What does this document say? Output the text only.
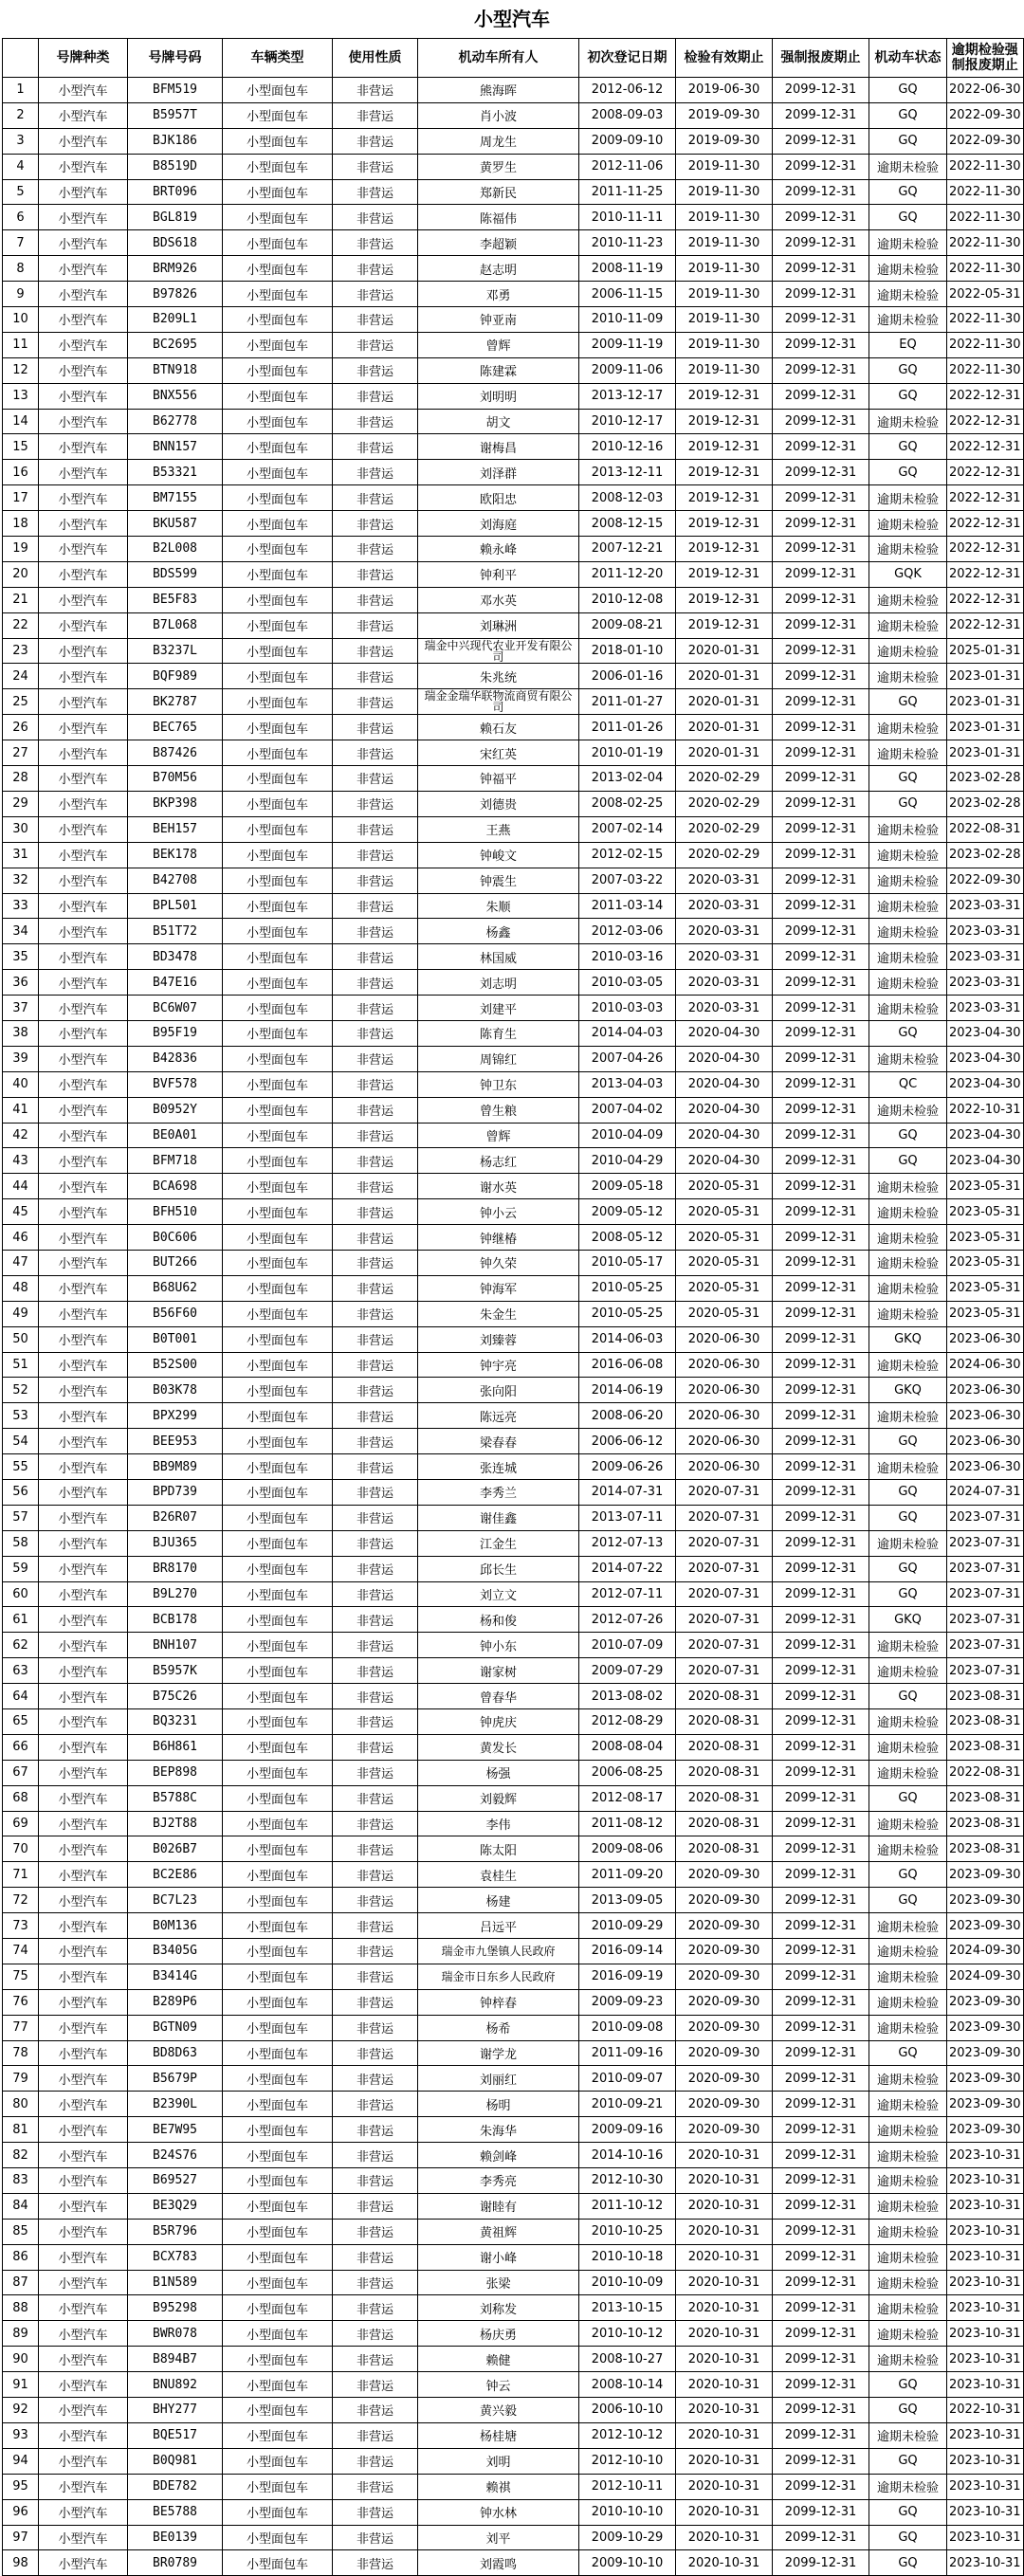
小型汽车
	号牌种类	号牌号码	车辆类型	使用性质	机动车所有人	初次登记日期	检验有效期止	强制报废期止	机动车状态	逾期检验强制报废期止
1	小型汽车	BFM519	小型面包车	非营运	熊海晖	2012-06-12	2019-06-30	2099-12-31	GQ	2022-06-30
2	小型汽车	B5957T	小型面包车	非营运	肖小波	2008-09-03	2019-09-30	2099-12-31	GQ	2022-09-30
3	小型汽车	BJK186	小型面包车	非营运	周龙生	2009-09-10	2019-09-30	2099-12-31	GQ	2022-09-30
4	小型汽车	B8519D	小型面包车	非营运	黄罗生	2012-11-06	2019-11-30	2099-12-31	逾期未检验	2022-11-30
5	小型汽车	BRT096	小型面包车	非营运	郑新民	2011-11-25	2019-11-30	2099-12-31	GQ	2022-11-30
6	小型汽车	BGL819	小型面包车	非营运	陈福伟	2010-11-11	2019-11-30	2099-12-31	GQ	2022-11-30
7	小型汽车	BDS618	小型面包车	非营运	李超颖	2010-11-23	2019-11-30	2099-12-31	逾期未检验	2022-11-30
8	小型汽车	BRM926	小型面包车	非营运	赵志明	2008-11-19	2019-11-30	2099-12-31	逾期未检验	2022-11-30
9	小型汽车	B97826	小型面包车	非营运	邓勇	2006-11-15	2019-11-30	2099-12-31	逾期未检验	2022-05-31
10	小型汽车	B209L1	小型面包车	非营运	钟亚南	2010-11-09	2019-11-30	2099-12-31	逾期未检验	2022-11-30
11	小型汽车	BC2695	小型面包车	非营运	曾辉	2009-11-19	2019-11-30	2099-12-31	EQ	2022-11-30
12	小型汽车	BTN918	小型面包车	非营运	陈建霖	2009-11-06	2019-11-30	2099-12-31	GQ	2022-11-30
13	小型汽车	BNX556	小型面包车	非营运	刘明明	2013-12-17	2019-12-31	2099-12-31	GQ	2022-12-31
14	小型汽车	B62778	小型面包车	非营运	胡文	2010-12-17	2019-12-31	2099-12-31	逾期未检验	2022-12-31
15	小型汽车	BNN157	小型面包车	非营运	谢梅昌	2010-12-16	2019-12-31	2099-12-31	GQ	2022-12-31
16	小型汽车	B53321	小型面包车	非营运	刘泽群	2013-12-11	2019-12-31	2099-12-31	GQ	2022-12-31
17	小型汽车	BM7155	小型面包车	非营运	欧阳忠	2008-12-03	2019-12-31	2099-12-31	逾期未检验	2022-12-31
18	小型汽车	BKU587	小型面包车	非营运	刘海庭	2008-12-15	2019-12-31	2099-12-31	逾期未检验	2022-12-31
19	小型汽车	B2L008	小型面包车	非营运	赖永峰	2007-12-21	2019-12-31	2099-12-31	逾期未检验	2022-12-31
20	小型汽车	BDS599	小型面包车	非营运	钟利平	2011-12-20	2019-12-31	2099-12-31	GQK	2022-12-31
21	小型汽车	BE5F83	小型面包车	非营运	邓水英	2010-12-08	2019-12-31	2099-12-31	逾期未检验	2022-12-31
22	小型汽车	B7L068	小型面包车	非营运	刘琳洲	2009-08-21	2019-12-31	2099-12-31	逾期未检验	2022-12-31
23	小型汽车	B3237L	小型面包车	非营运	瑞金中兴现代农业开发有限公司	2018-01-10	2020-01-31	2099-12-31	逾期未检验	2025-01-31
24	小型汽车	BQF989	小型面包车	非营运	朱兆统	2006-01-16	2020-01-31	2099-12-31	逾期未检验	2023-01-31
25	小型汽车	BK2787	小型面包车	非营运	瑞金金瑞华联物流商贸有限公司	2011-01-27	2020-01-31	2099-12-31	GQ	2023-01-31
26	小型汽车	BEC765	小型面包车	非营运	赖石友	2011-01-26	2020-01-31	2099-12-31	逾期未检验	2023-01-31
27	小型汽车	B87426	小型面包车	非营运	宋红英	2010-01-19	2020-01-31	2099-12-31	逾期未检验	2023-01-31
28	小型汽车	B70M56	小型面包车	非营运	钟福平	2013-02-04	2020-02-29	2099-12-31	GQ	2023-02-28
29	小型汽车	BKP398	小型面包车	非营运	刘德贵	2008-02-25	2020-02-29	2099-12-31	GQ	2023-02-28
30	小型汽车	BEH157	小型面包车	非营运	王燕	2007-02-14	2020-02-29	2099-12-31	逾期未检验	2022-08-31
31	小型汽车	BEK178	小型面包车	非营运	钟峻文	2012-02-15	2020-02-29	2099-12-31	逾期未检验	2023-02-28
32	小型汽车	B42708	小型面包车	非营运	钟震生	2007-03-22	2020-03-31	2099-12-31	逾期未检验	2022-09-30
33	小型汽车	BPL501	小型面包车	非营运	朱顺	2011-03-14	2020-03-31	2099-12-31	逾期未检验	2023-03-31
34	小型汽车	B51T72	小型面包车	非营运	杨鑫	2012-03-06	2020-03-31	2099-12-31	逾期未检验	2023-03-31
35	小型汽车	BD3478	小型面包车	非营运	林国威	2010-03-16	2020-03-31	2099-12-31	逾期未检验	2023-03-31
36	小型汽车	B47E16	小型面包车	非营运	刘志明	2010-03-05	2020-03-31	2099-12-31	逾期未检验	2023-03-31
37	小型汽车	BC6W07	小型面包车	非营运	刘建平	2010-03-03	2020-03-31	2099-12-31	逾期未检验	2023-03-31
38	小型汽车	B95F19	小型面包车	非营运	陈育生	2014-04-03	2020-04-30	2099-12-31	GQ	2023-04-30
39	小型汽车	B42836	小型面包车	非营运	周锦红	2007-04-26	2020-04-30	2099-12-31	逾期未检验	2023-04-30
40	小型汽车	BVF578	小型面包车	非营运	钟卫东	2013-04-03	2020-04-30	2099-12-31	QC	2023-04-30
41	小型汽车	B0952Y	小型面包车	非营运	曾生粮	2007-04-02	2020-04-30	2099-12-31	逾期未检验	2022-10-31
42	小型汽车	BE0A01	小型面包车	非营运	曾辉	2010-04-09	2020-04-30	2099-12-31	GQ	2023-04-30
43	小型汽车	BFM718	小型面包车	非营运	杨志红	2010-04-29	2020-04-30	2099-12-31	GQ	2023-04-30
44	小型汽车	BCA698	小型面包车	非营运	谢水英	2009-05-18	2020-05-31	2099-12-31	逾期未检验	2023-05-31
45	小型汽车	BFH510	小型面包车	非营运	钟小云	2009-05-12	2020-05-31	2099-12-31	逾期未检验	2023-05-31
46	小型汽车	B0C606	小型面包车	非营运	钟继椿	2008-05-12	2020-05-31	2099-12-31	逾期未检验	2023-05-31
47	小型汽车	BUT266	小型面包车	非营运	钟久荣	2010-05-17	2020-05-31	2099-12-31	逾期未检验	2023-05-31
48	小型汽车	B68U62	小型面包车	非营运	钟海军	2010-05-25	2020-05-31	2099-12-31	逾期未检验	2023-05-31
49	小型汽车	B56F60	小型面包车	非营运	朱金生	2010-05-25	2020-05-31	2099-12-31	逾期未检验	2023-05-31
50	小型汽车	B0T001	小型面包车	非营运	刘臻蓉	2014-06-03	2020-06-30	2099-12-31	GKQ	2023-06-30
51	小型汽车	B52S00	小型面包车	非营运	钟宇亮	2016-06-08	2020-06-30	2099-12-31	逾期未检验	2024-06-30
52	小型汽车	B03K78	小型面包车	非营运	张向阳	2014-06-19	2020-06-30	2099-12-31	GKQ	2023-06-30
53	小型汽车	BPX299	小型面包车	非营运	陈远亮	2008-06-20	2020-06-30	2099-12-31	逾期未检验	2023-06-30
54	小型汽车	BEE953	小型面包车	非营运	梁春春	2006-06-12	2020-06-30	2099-12-31	GQ	2023-06-30
55	小型汽车	BB9M89	小型面包车	非营运	张连城	2009-06-26	2020-06-30	2099-12-31	逾期未检验	2023-06-30
56	小型汽车	BPD739	小型面包车	非营运	李秀兰	2014-07-31	2020-07-31	2099-12-31	GQ	2024-07-31
57	小型汽车	B26R07	小型面包车	非营运	谢佳鑫	2013-07-11	2020-07-31	2099-12-31	GQ	2023-07-31
58	小型汽车	BJU365	小型面包车	非营运	江金生	2012-07-13	2020-07-31	2099-12-31	逾期未检验	2023-07-31
59	小型汽车	BR8170	小型面包车	非营运	邱长生	2014-07-22	2020-07-31	2099-12-31	GQ	2023-07-31
60	小型汽车	B9L270	小型面包车	非营运	刘立文	2012-07-11	2020-07-31	2099-12-31	GQ	2023-07-31
61	小型汽车	BCB178	小型面包车	非营运	杨和俊	2012-07-26	2020-07-31	2099-12-31	GKQ	2023-07-31
62	小型汽车	BNH107	小型面包车	非营运	钟小东	2010-07-09	2020-07-31	2099-12-31	逾期未检验	2023-07-31
63	小型汽车	B5957K	小型面包车	非营运	谢家树	2009-07-29	2020-07-31	2099-12-31	逾期未检验	2023-07-31
64	小型汽车	B75C26	小型面包车	非营运	曾春华	2013-08-02	2020-08-31	2099-12-31	GQ	2023-08-31
65	小型汽车	BQ3231	小型面包车	非营运	钟虎庆	2012-08-29	2020-08-31	2099-12-31	逾期未检验	2023-08-31
66	小型汽车	B6H861	小型面包车	非营运	黄发长	2008-08-04	2020-08-31	2099-12-31	逾期未检验	2023-08-31
67	小型汽车	BEP898	小型面包车	非营运	杨强	2006-08-25	2020-08-31	2099-12-31	逾期未检验	2022-08-31
68	小型汽车	B5788C	小型面包车	非营运	刘毅辉	2012-08-17	2020-08-31	2099-12-31	GQ	2023-08-31
69	小型汽车	BJ2T88	小型面包车	非营运	李伟	2011-08-12	2020-08-31	2099-12-31	逾期未检验	2023-08-31
70	小型汽车	B026B7	小型面包车	非营运	陈太阳	2009-08-06	2020-08-31	2099-12-31	逾期未检验	2023-08-31
71	小型汽车	BC2E86	小型面包车	非营运	袁桂生	2011-09-20	2020-09-30	2099-12-31	GQ	2023-09-30
72	小型汽车	BC7L23	小型面包车	非营运	杨建	2013-09-05	2020-09-30	2099-12-31	GQ	2023-09-30
73	小型汽车	B0M136	小型面包车	非营运	吕远平	2010-09-29	2020-09-30	2099-12-31	逾期未检验	2023-09-30
74	小型汽车	B3405G	小型面包车	非营运	瑞金市九堡镇人民政府	2016-09-14	2020-09-30	2099-12-31	逾期未检验	2024-09-30
75	小型汽车	B3414G	小型面包车	非营运	瑞金市日东乡人民政府	2016-09-19	2020-09-30	2099-12-31	逾期未检验	2024-09-30
76	小型汽车	B289P6	小型面包车	非营运	钟梓春	2009-09-23	2020-09-30	2099-12-31	逾期未检验	2023-09-30
77	小型汽车	BGTN09	小型面包车	非营运	杨希	2010-09-08	2020-09-30	2099-12-31	逾期未检验	2023-09-30
78	小型汽车	BD8D63	小型面包车	非营运	谢学龙	2011-09-16	2020-09-30	2099-12-31	GQ	2023-09-30
79	小型汽车	B5679P	小型面包车	非营运	刘丽红	2010-09-07	2020-09-30	2099-12-31	逾期未检验	2023-09-30
80	小型汽车	B2390L	小型面包车	非营运	杨明	2010-09-21	2020-09-30	2099-12-31	逾期未检验	2023-09-30
81	小型汽车	BE7W95	小型面包车	非营运	朱海华	2009-09-16	2020-09-30	2099-12-31	逾期未检验	2023-09-30
82	小型汽车	B24S76	小型面包车	非营运	赖剑峰	2014-10-16	2020-10-31	2099-12-31	逾期未检验	2023-10-31
83	小型汽车	B69527	小型面包车	非营运	李秀亮	2012-10-30	2020-10-31	2099-12-31	逾期未检验	2023-10-31
84	小型汽车	BE3Q29	小型面包车	非营运	谢睦有	2011-10-12	2020-10-31	2099-12-31	逾期未检验	2023-10-31
85	小型汽车	B5R796	小型面包车	非营运	黄祖辉	2010-10-25	2020-10-31	2099-12-31	逾期未检验	2023-10-31
86	小型汽车	BCX783	小型面包车	非营运	谢小峰	2010-10-18	2020-10-31	2099-12-31	逾期未检验	2023-10-31
87	小型汽车	B1N589	小型面包车	非营运	张梁	2010-10-09	2020-10-31	2099-12-31	逾期未检验	2023-10-31
88	小型汽车	B95298	小型面包车	非营运	刘称发	2013-10-15	2020-10-31	2099-12-31	逾期未检验	2023-10-31
89	小型汽车	BWR078	小型面包车	非营运	杨庆勇	2010-10-12	2020-10-31	2099-12-31	逾期未检验	2023-10-31
90	小型汽车	B894B7	小型面包车	非营运	赖健	2008-10-27	2020-10-31	2099-12-31	逾期未检验	2023-10-31
91	小型汽车	BNU892	小型面包车	非营运	钟云	2008-10-14	2020-10-31	2099-12-31	GQ	2023-10-31
92	小型汽车	BHY277	小型面包车	非营运	黄兴毅	2006-10-10	2020-10-31	2099-12-31	GQ	2022-10-31
93	小型汽车	BQE517	小型面包车	非营运	杨桂塘	2012-10-12	2020-10-31	2099-12-31	逾期未检验	2023-10-31
94	小型汽车	B0Q981	小型面包车	非营运	刘明	2012-10-10	2020-10-31	2099-12-31	GQ	2023-10-31
95	小型汽车	BDE782	小型面包车	非营运	赖祺	2012-10-11	2020-10-31	2099-12-31	逾期未检验	2023-10-31
96	小型汽车	BE5788	小型面包车	非营运	钟水林	2010-10-10	2020-10-31	2099-12-31	GQ	2023-10-31
97	小型汽车	BE0139	小型面包车	非营运	刘平	2009-10-29	2020-10-31	2099-12-31	GQ	2023-10-31
98	小型汽车	BR0789	小型面包车	非营运	刘霞鸣	2009-10-10	2020-10-31	2099-12-31	GQ	2023-10-31
